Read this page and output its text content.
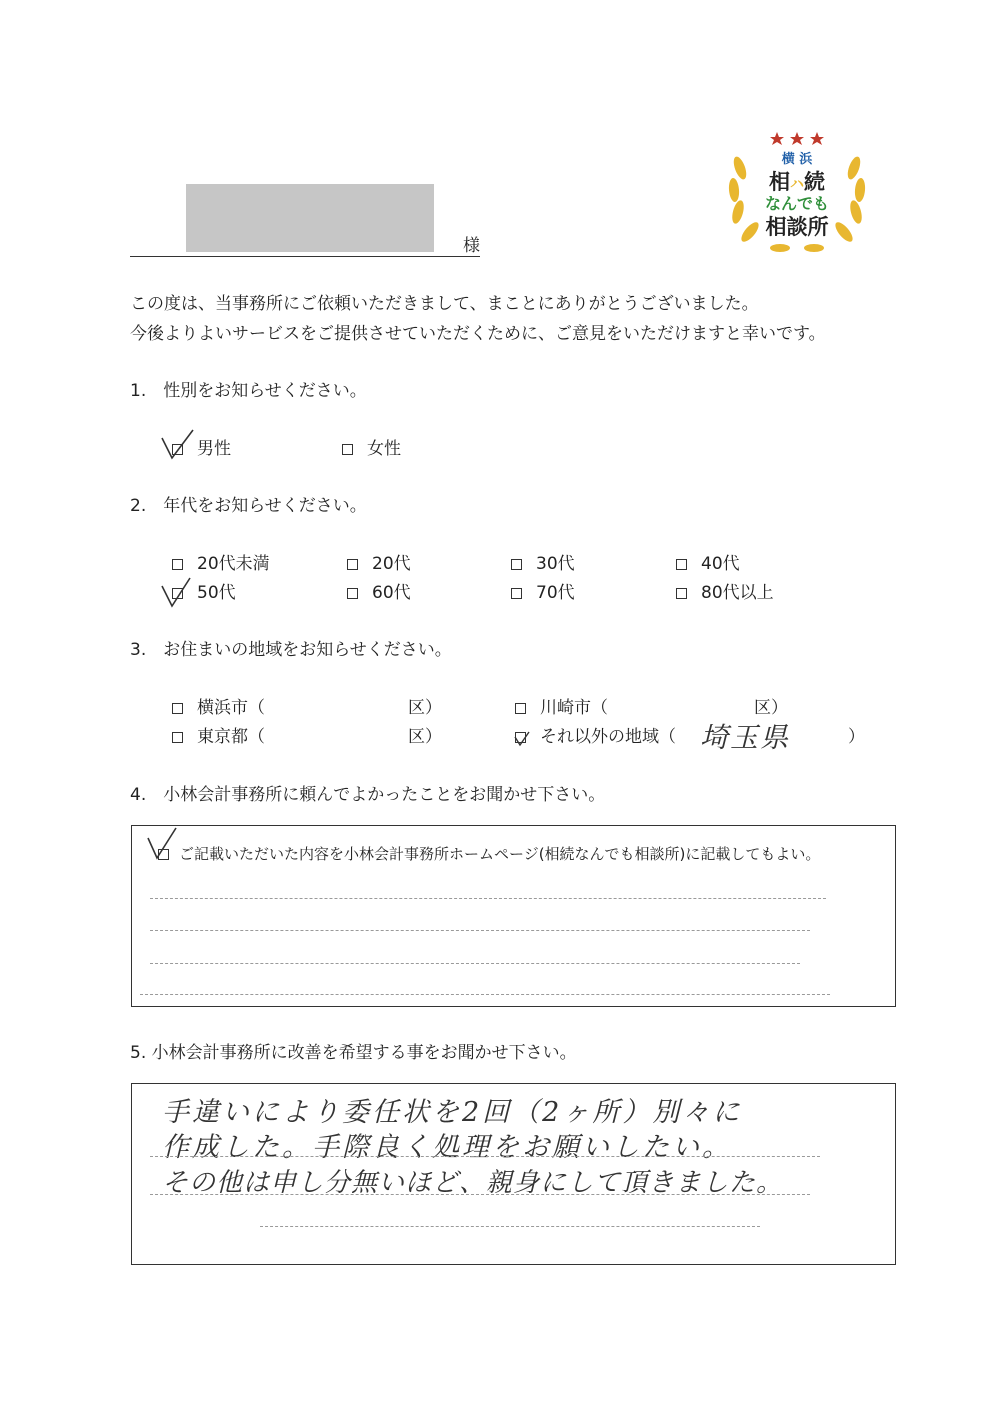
様
横 浜
相ハ続
なんでも
相談所
この度は、当事務所にご依頼いただきまして、まことにありがとうございました。
今後よりよいサービスをご提供させていただくために、ご意見をいただけますと幸いです。
1.　性別をお知らせください。
男性	女性
2.　年代をお知らせください。
20代未満	20代	30代	40代
50代	60代	70代	80代以上
3.　お住まいの地域をお知らせください。
横浜市（	区）	川崎市（	区）
東京都（	区）	それ以外の地域（ 埼玉県	）
4.　小林会計事務所に頼んでよかったことをお聞かせ下さい。
ご記載いただいた内容を小林会計事務所ホームページ(相続なんでも相談所)に記載してもよい。
5. 小林会計事務所に改善を希望する事をお聞かせ下さい。
手違いにより委任状を2回（2ヶ所）別々に
作成した。手際良く処理をお願いしたい。
その他は申し分無いほど、親身にして頂きました。
